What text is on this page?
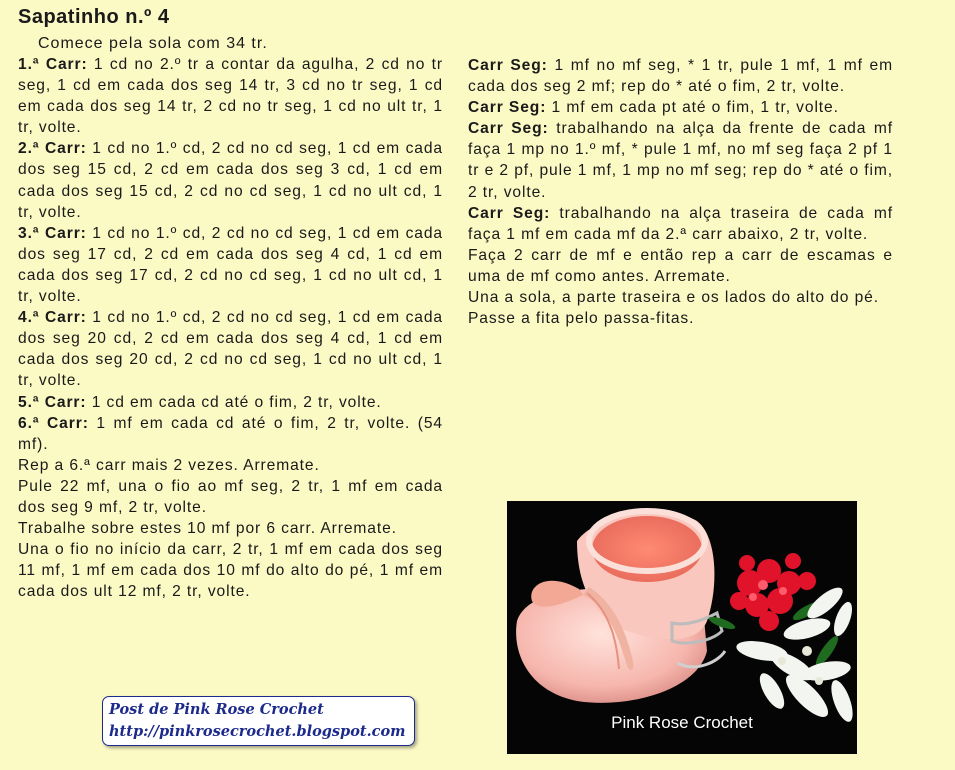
Sapatinho n.º 4
Comece pela sola com 34 tr.

1.ª Carr: 1 cd no 2.º tr a contar da agulha, 2 cd no tr seg, 1 cd em cada dos seg 14 tr, 3 cd no tr seg, 1 cd em cada dos seg 14 tr, 2 cd no tr seg, 1 cd no ult tr, 1 tr, volte.

2.ª Carr: 1 cd no 1.º cd, 2 cd no cd seg, 1 cd em cada dos seg 15 cd, 2 cd em cada dos seg 3 cd, 1 cd em cada dos seg 15 cd, 2 cd no cd seg, 1 cd no ult cd, 1 tr, volte.

3.ª Carr: 1 cd no 1.º cd, 2 cd no cd seg, 1 cd em cada dos seg 17 cd, 2 cd em cada dos seg 4 cd, 1 cd em cada dos seg 17 cd, 2 cd no cd seg, 1 cd no ult cd, 1 tr, volte.

4.ª Carr: 1 cd no 1.º cd, 2 cd no cd seg, 1 cd em cada dos seg 20 cd, 2 cd em cada dos seg 4 cd, 1 cd em cada dos seg 20 cd, 2 cd no cd seg, 1 cd no ult cd, 1 tr, volte.

5.ª Carr: 1 cd em cada cd até o fim, 2 tr, volte.

6.ª Carr: 1 mf em cada cd até o fim, 2 tr, volte. (54 mf).

Rep a 6.ª carr mais 2 vezes. Arremate.

Pule 22 mf, una o fio ao mf seg, 2 tr, 1 mf em cada dos seg 9 mf, 2 tr, volte.

Trabalhe sobre estes 10 mf por 6 carr. Arremate.

Una o fio no início da carr, 2 tr, 1 mf em cada dos seg 11 mf, 1 mf em cada dos 10 mf do alto do pé, 1 mf em cada dos ult 12 mf, 2 tr, volte.

Carr Seg: 1 mf no mf seg, * 1 tr, pule 1 mf, 1 mf em cada dos seg 2 mf; rep do * até o fim, 2 tr, volte.

Carr Seg: 1 mf em cada pt até o fim, 1 tr, volte.

Carr Seg: trabalhando na alça da frente de cada mf faça 1 mp no 1.º mf, * pule 1 mf, no mf seg faça 2 pf 1 tr e 2 pf, pule 1 mf, 1 mp no mf seg; rep do * até o fim, 2 tr, volte.

Carr Seg: trabalhando na alça traseira de cada mf faça 1 mf em cada mf da 2.ª carr abaixo, 2 tr, volte.

Faça 2 carr de mf e então rep a carr de escamas e uma de mf como antes. Arremate.

Una a sola, a parte traseira e os lados do alto do pé.

Passe a fita pelo passa-fitas.

Post de Pink Rose Crochet
http://pinkrosecrochet.blogspot.com	Pink Rose Crochet
